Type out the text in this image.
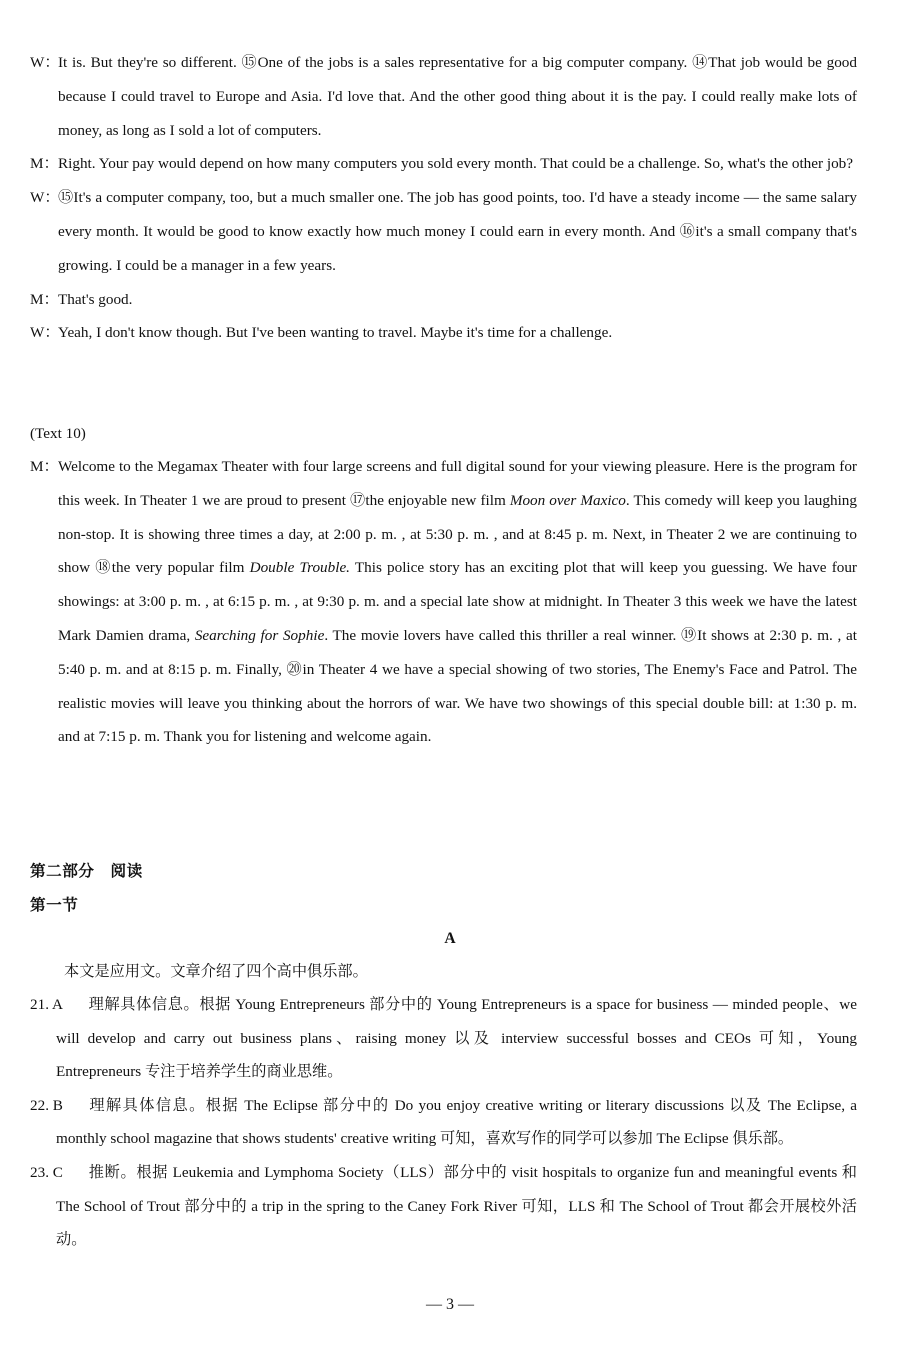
W：
It is. But they're so different. ⑮One of the jobs is a sales representative for a big computer company. ⑭That job would be good because I could travel to Europe and Asia. I'd love that. And the other good thing about it is the pay. I could really make lots of money, as long as I sold a lot of computers.
M： Right. Your pay would depend on how many computers you sold every month. That could be a challenge. So, what's the other job?
W：
⑮It's a computer company, too, but a much smaller one. The job has good points, too. I'd have a steady income — the same salary every month. It would be good to know exactly how much money I could earn in every month. And ⑯it's a small company that's growing. I could be a manager in a few years.
M： That's good.
W：
Yeah, I don't know though. But I've been wanting to travel. Maybe it's time for a challenge.
(Text 10)
M： Welcome to the Megamax Theater with four large screens and full digital sound for your viewing pleasure. Here is the program for this week. In Theater 1 we are proud to present ⑰the enjoyable new film Moon over Maxico. This comedy will keep you laughing non-stop. It is showing three times a day, at 2:00 p. m. , at 5:30 p. m. , and at 8:45 p. m. Next, in Theater 2 we are continuing to show ⑱the very popular film Double Trouble. This police story has an exciting plot that will keep you guessing. We have four showings: at 3:00 p. m. , at 6:15 p. m. , at 9:30 p. m. and a special late show at midnight. In Theater 3 this week we have the latest Mark Damien drama, Searching for Sophie. The movie lovers have called this thriller a real winner. ⑲It shows at 2:30 p. m. , at 5:40 p. m. and at 8:15 p. m. Finally, ⑳in Theater 4 we have a special showing of two stories, The Enemy's Face and Patrol. The realistic movies will leave you thinking about the horrors of war. We have two showings of this special double bill: at 1:30 p. m. and at 7:15 p. m. Thank you for listening and welcome again.
第二部分　阅读
第一节
A
本文是应用文。文章介绍了四个高中俱乐部。
21. A	理解具体信息。根据 Young Entrepreneurs 部分中的 Young Entrepreneurs is a space for business — minded people、we will develop and carry out business plans、raising money 以及 interview successful bosses and CEOs 可知，Young Entrepreneurs 专注于培养学生的商业思维。
22. B	理解具体信息。根据 The Eclipse 部分中的 Do you enjoy creative writing or literary discussions 以及 The Eclipse, a monthly school magazine that shows students' creative writing 可知，喜欢写作的同学可以参加 The Eclipse 俱乐部。
23. C	推断。根据 Leukemia and Lymphoma Society（LLS）部分中的 visit hospitals to organize fun and meaningful events 和 The School of Trout 部分中的 a trip in the spring to the Caney Fork River 可知，LLS 和 The School of Trout 都会开展校外活动。
— 3 —
